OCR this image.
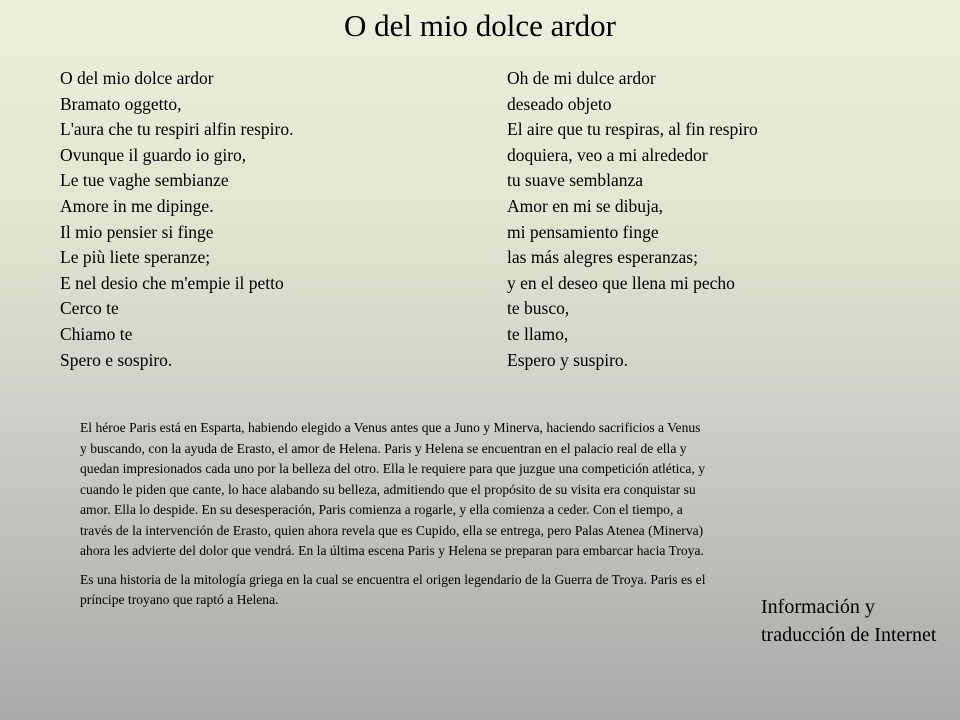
O del mio dolce ardor
O del mio dolce ardor
Bramato oggetto,
L'aura che tu respiri alfin respiro.
Ovunque il guardo io giro,
Le tue vaghe sembianze
Amore in me dipinge.
Il mio pensier si finge
Le più liete speranze;
E nel desio che m'empie il petto
Cerco te
Chiamo te
Spero e sospiro.
Oh de mi dulce ardor
deseado objeto
El aire que tu respiras, al fin respiro
doquiera, veo a mi alrededor
tu suave semblanza
Amor en mi se dibuja,
mi pensamiento finge
las más alegres esperanzas;
y en el deseo que llena mi pecho
te busco,
te llamo,
Espero y suspiro.

El héroe Paris está en Esparta, habiendo elegido a Venus antes que a Juno y Minerva, haciendo sacrificios a Venus y buscando, con la ayuda de Erasto, el amor de Helena. Paris y Helena se encuentran en el palacio real de ella y quedan impresionados cada uno por la belleza del otro. Ella le requiere para que juzgue una competición atlética, y cuando le piden que cante, lo hace alabando su belleza, admitiendo que el propósito de su visita era conquistar su amor. Ella lo despide. En su desesperación, Paris comienza a rogarle, y ella comienza a ceder. Con el tiempo, a través de la intervención de Erasto, quien ahora revela que es Cupido, ella se entrega, pero Palas Atenea (Minerva) ahora les advierte del dolor que vendrá. En la última escena Paris y Helena se preparan para embarcar hacia Troya.

Es una historia de la mitología griega en la cual se encuentra el origen legendario de la Guerra de Troya. Paris es el príncipe troyano que raptó a Helena.	Información y traducción de Internet
